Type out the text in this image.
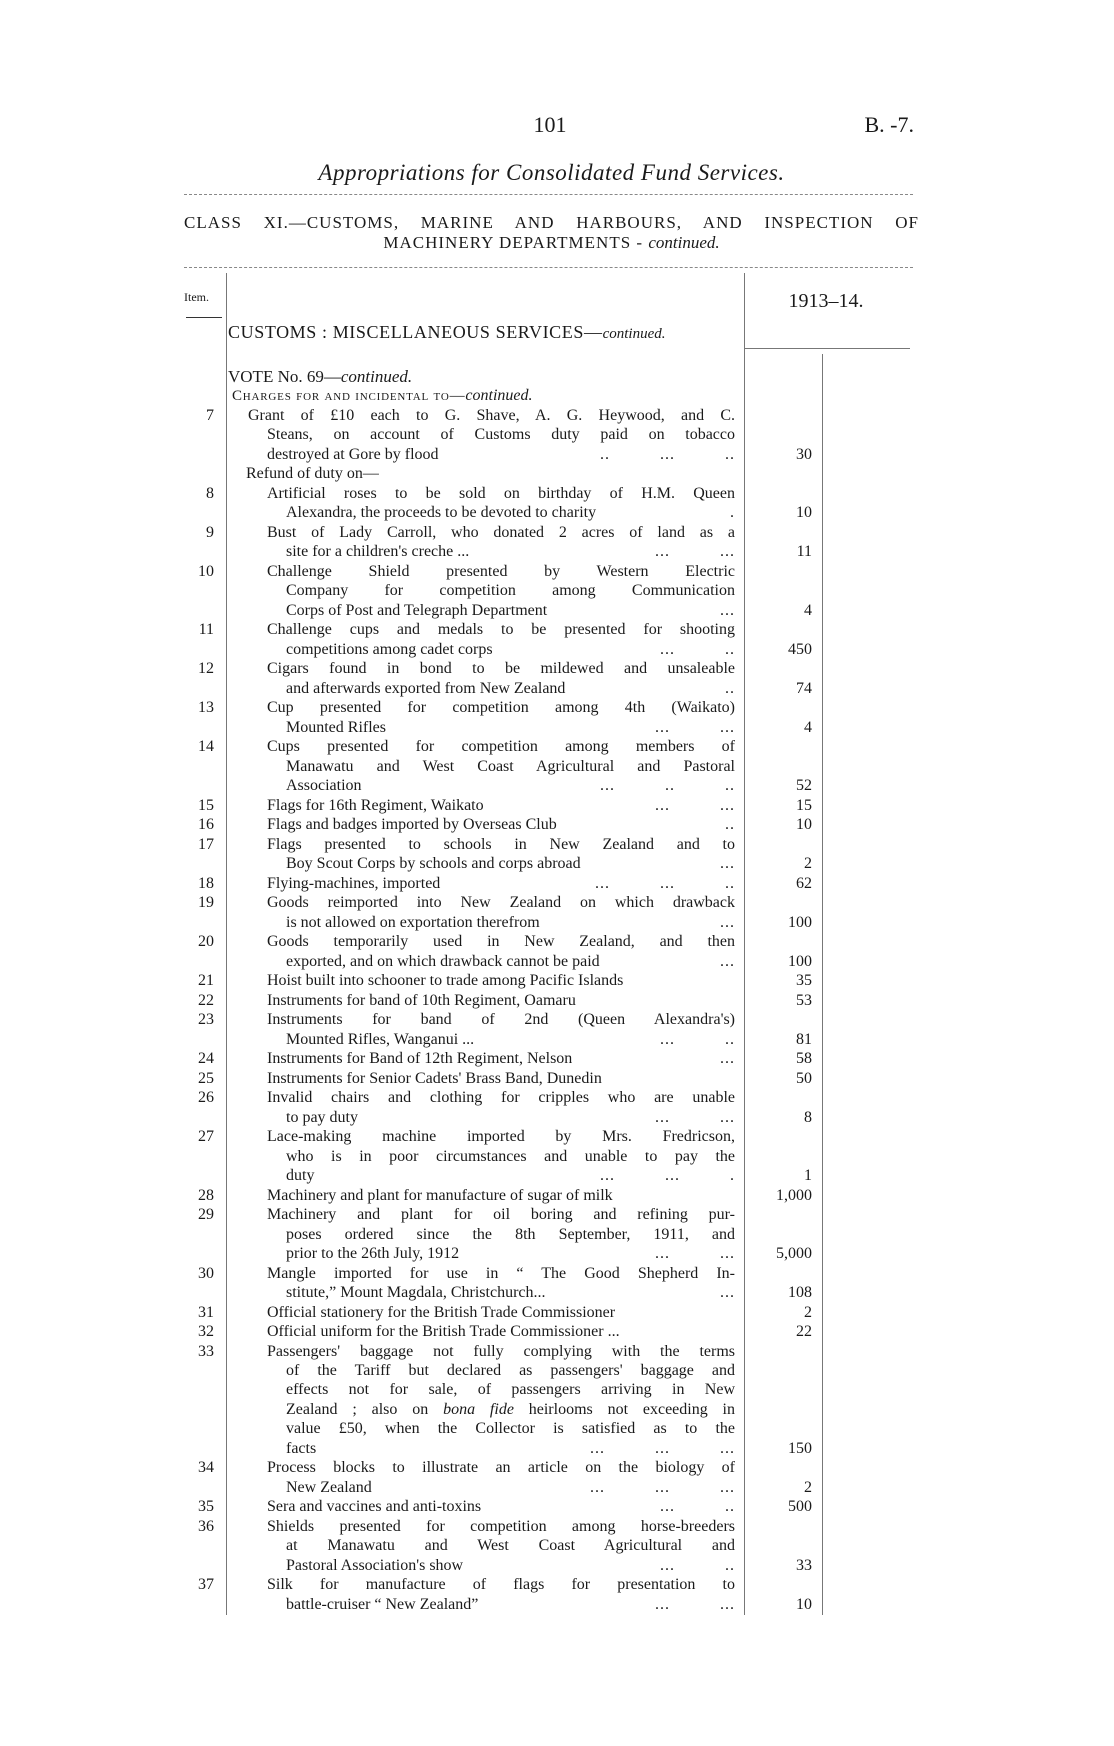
101	B. -7.
Appropriations for Consolidated Fund Services.
CLASS XI.—CUSTOMS, MARINE AND HARBOURS, AND INSPECTION OF
MACHINERY DEPARTMENTS - continued.
Item.	1913–14.
CUSTOMS : MISCELLANEOUS SERVICES—continued.
VOTE No. 69—continued.
Charges for and incidental to—continued.
7 Grant of £10 each to G. Shave, A. G. Heywood, and C.
Steans, on account of Customs duty paid on tobacco
destroyed at Gore by flood	..          ...          ..	30
Refund of duty on—
8	Artificial roses to be sold on birthday of H.M. Queen
Alexandra, the proceeds to be devoted to charity	.	10
9	Bust of Lady Carroll, who donated 2 acres of land as a
site for a children's creche ...	...          ...	11
10	Challenge Shield presented by Western Electric
Company for competition among Communication
Corps of Post and Telegraph Department	...	4
11	Challenge cups and medals to be presented for shooting
competitions among cadet corps	...          ..	450
12	Cigars found in bond to be mildewed and unsaleable
and afterwards exported from New Zealand	..	74
13	Cup presented for competition among 4th (Waikato)
Mounted Rifles	...          ...	4
14	Cups presented for competition among members of
Manawatu and West Coast Agricultural and Pastoral
Association	...          ..          ..	52
15	Flags for 16th Regiment, Waikato	...          ...	15
16	Flags and badges imported by Overseas Club	..	10
17	Flags presented to schools in New Zealand and to
Boy Scout Corps by schools and corps abroad	...	2
18	Flying-machines, imported	...          ...          ..	62
19	Goods reimported into New Zealand on which drawback
is not allowed on exportation therefrom	...	100
20	Goods temporarily used in New Zealand, and then
exported, and on which drawback cannot be paid	...	100
21	Hoist built into schooner to trade among Pacific Islands	35
22	Instruments for band of 10th Regiment, Oamaru	53
23	Instruments for band of 2nd (Queen Alexandra's)
Mounted Rifles, Wanganui ...	...          ..	81
24	Instruments for Band of 12th Regiment, Nelson	...	58
25	Instruments for Senior Cadets' Brass Band, Dunedin	50
26	Invalid chairs and clothing for cripples who are unable
to pay duty	...          ...	8
27	Lace-making machine imported by Mrs. Fredricson,
who is in poor circumstances and unable to pay the
duty	...          ...          .	1
28	Machinery and plant for manufacture of sugar of milk	1,000
29	Machinery and plant for oil boring and refining pur-
poses ordered since the 8th September, 1911, and
prior to the 26th July, 1912	...          ...	5,000
30	Mangle imported for use in “ The Good Shepherd In-
stitute,” Mount Magdala, Christchurch...	...	108
31	Official stationery for the British Trade Commissioner	2
32	Official uniform for the British Trade Commissioner ...	22
33	Passengers' baggage not fully complying with the terms
of the Tariff but declared as passengers' baggage and
effects not for sale, of passengers arriving in New
Zealand ; also on bona fide heirlooms not exceeding in
value £50, when the Collector is satisfied as to the
facts	...          ...          ...	150
34	Process blocks to illustrate an article on the biology of
New Zealand	...          ...          ...	2
35	Sera and vaccines and anti-toxins	...          ..	500
36	Shields presented for competition among horse-breeders
at Manawatu and West Coast Agricultural and
Pastoral Association's show	...          ..	33
37	Silk for manufacture of flags for presentation to
battle-cruiser “ New Zealand”	...          ...	10
